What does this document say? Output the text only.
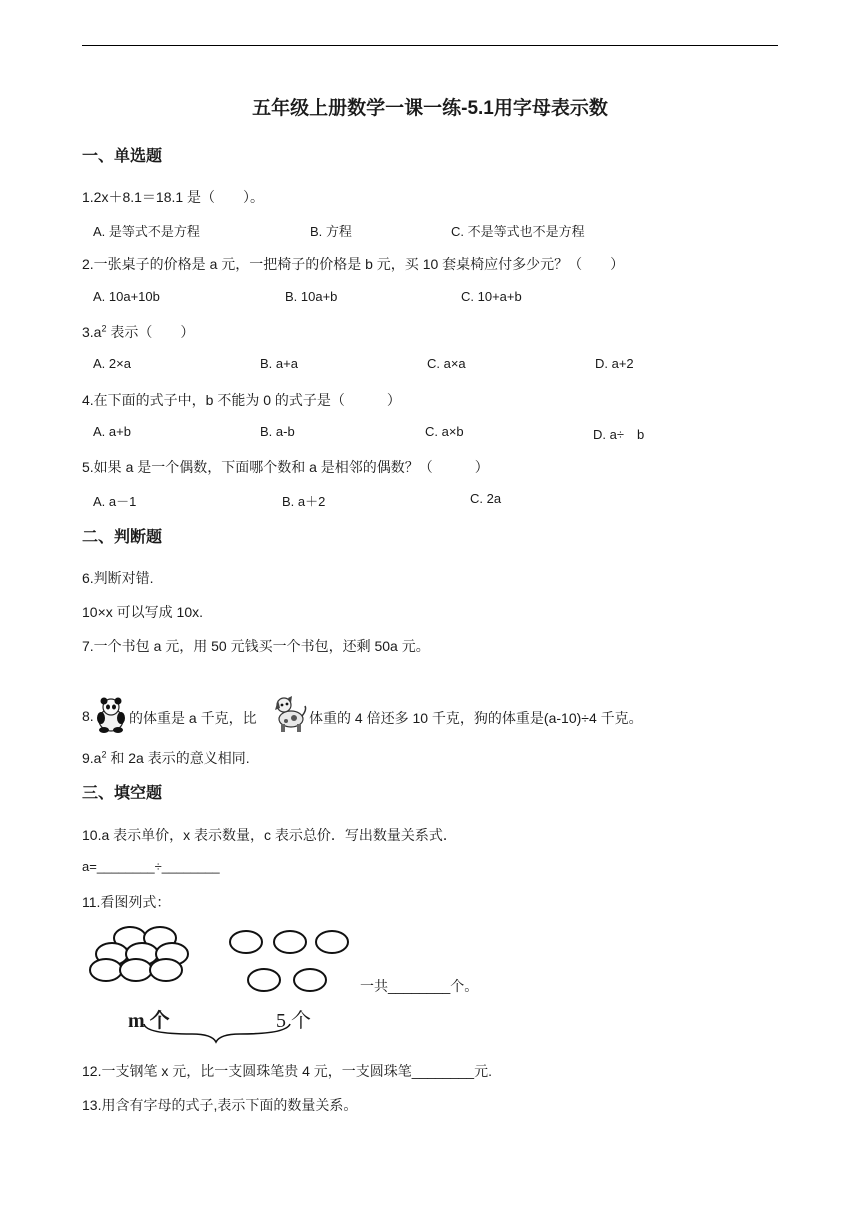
五年级上册数学一课一练-5.1用字母表示数
一、单选题
1.2x＋8.1＝18.1 是（　　）。
A. 是等式不是方程	B. 方程	C. 不是等式也不是方程
2.一张桌子的价格是 a 元，一把椅子的价格是 b 元，买 10 套桌椅应付多少元？（　　）
A. 10a+10b	B. 10a+b	C. 10+a+b
$3.a^2$ 表示（　　）
A. 2×a	B. a+a	C. a×a	D. a+2
4.在下面的式子中，b 不能为 0 的式子是（　　　）
A. a+b	B. a-b	C. a×b	D. a÷　b
5.如果 a 是一个偶数，下面哪个数和 a 是相邻的偶数？（　　　）
A. a－1	B. a＋2	C. 2a
二、判断题
6.判断对错.
10×x 可以写成 10x.
7.一个书包 a 元，用 50 元钱买一个书包，还剩 50a 元。
8.	的体重是 a 千克，比	体重的 4 倍还多 10 千克，狗的体重是(a-10)÷4 千克。
$9.a^2$ 和 2a 表示的意义相同.
三、填空题
10.a 表示单价，x 表示数量，c 表示总价．写出数量关系式．
a=________÷________
11.看图列式：
m 个	5 个
一共________个。
12.一支钢笔 x 元，比一支圆珠笔贵 4 元，一支圆珠笔________元.
13.用含有字母的式子,表示下面的数量关系。
